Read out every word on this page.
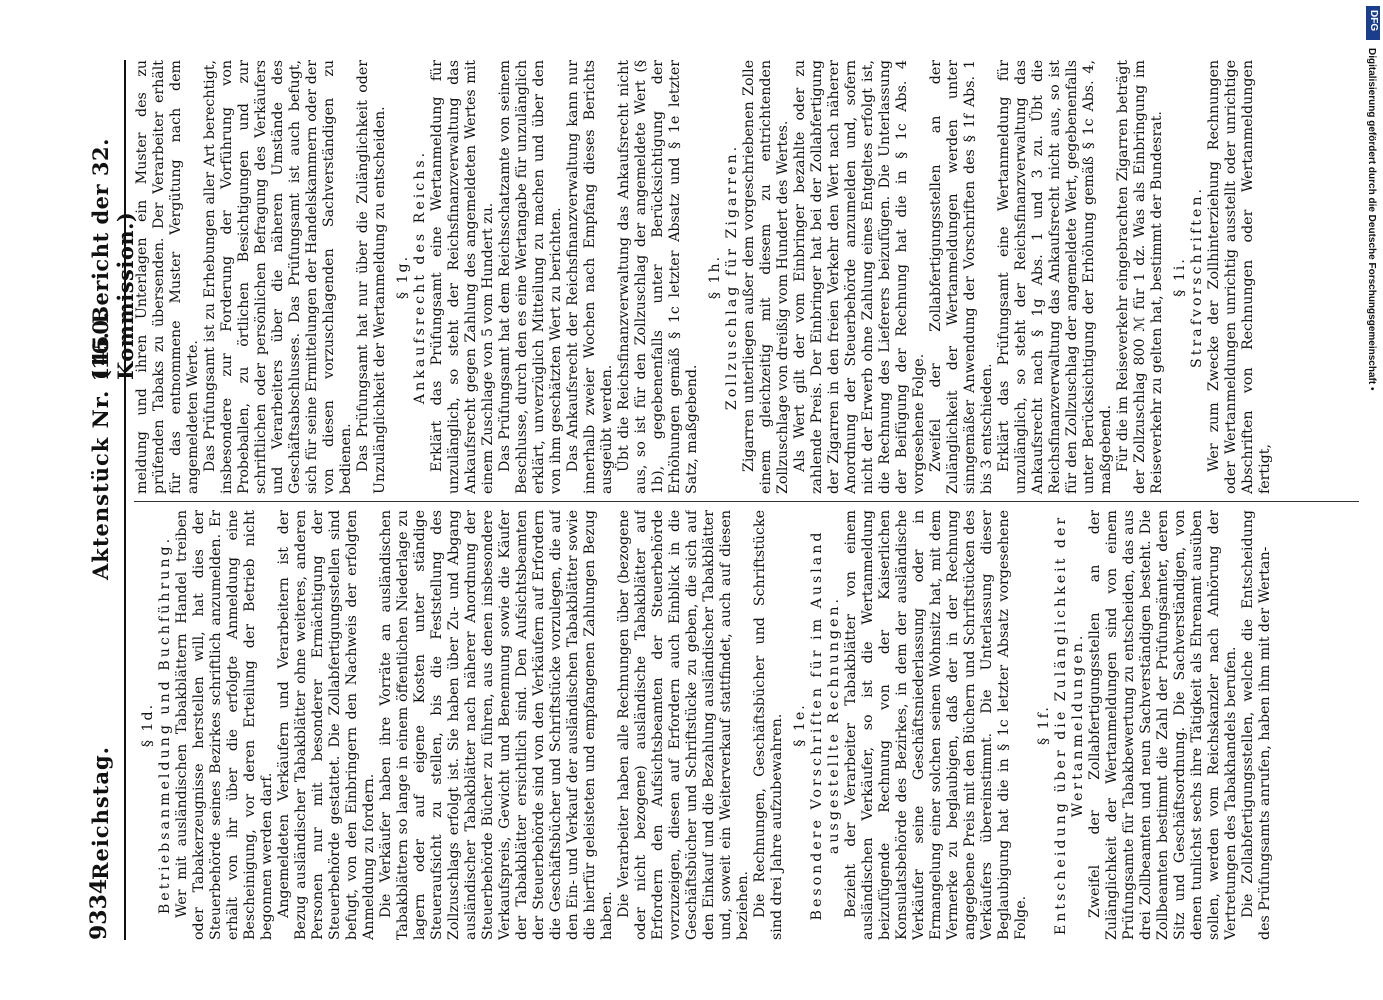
9334
Reichstag.
Aktenstück Nr. 1450.
(16. Bericht der 32. Kommission.)
§ 1d. Betriebsanmeldung und Buchführung. Wer mit ausländischen Tabakblättern Handel treiben oder Tabakerzeugnisse herstellen will, hat dies der Steuerbehörde seines Bezirkes schriftlich anzumelden. Er erhält von ihr über die erfolgte Anmeldung eine Bescheinigung, vor deren Erteilung der Betrieb nicht begonnen werden darf. Angemeldeten Verkäufern und Verarbeitern ist der Bezug ausländischer Tabakblätter ohne weiteres, anderen Personen nur mit besonderer Ermächtigung der Steuerbehörde gestattet. Die Zollabfertigungsstellen sind befugt, von den Einbringern den Nachweis der erfolgten Anmeldung zu fordern. Die Verkäufer haben ihre Vorräte an ausländischen Tabakblättern so lange in einem öffentlichen Niederlage zu lagern oder auf eigene Kosten unter ständige Steueraufsicht zu stellen, bis die Feststellung des Zollzuschlags erfolgt ist. Sie haben über Zu- und Abgang ausländischer Tabakblätter nach näherer Anordnung der Steuerbehörde Bücher zu führen, aus denen insbesondere Verkaufspreis, Gewicht und Benennung sowie die Käufer der Tabakblätter ersichtlich sind. Den Aufsichtsbeamten der Steuerbehörde sind von den Verkäufern auf Erfordern die Geschäftsbücher und Schriftstücke vorzulegen, die auf den Ein- und Verkauf der ausländischen Tabakblätter sowie die hierfür geleisteten und empfangenen Zahlungen Bezug haben. Die Verarbeiter haben alle Rechnungen über (bezogene oder nicht bezogene) ausländische Tabakblätter auf Erfordern den Aufsichtsbeamten der Steuerbehörde vorzuzeigen, diesen auf Erfordern auch Einblick in die Geschäftsbücher und Schriftstücke zu geben, die sich auf den Einkauf und die Bezahlung ausländischer Tabakblätter und, soweit ein Weiterverkauf stattfindet, auch auf diesen beziehen. Die Rechnungen, Geschäftsbücher und Schriftstücke sind drei Jahre aufzubewahren. § 1e. Besondere Vorschriften für im Ausland ausgestellte Rechnungen. Bezieht der Verarbeiter Tabakblätter von einem ausländischen Verkäufer, so ist die Wertanmeldung beizufügende Rechnung von der Kaiserlichen Konsulatsbehörde des Bezirkes, in dem der ausländische Verkäufer seine Geschäftsniederlassung oder in Ermangelung einer solchen seinen Wohnsitz hat, mit dem Vermerke zu beglaubigen, daß der in der Rechnung angegebene Preis mit den Büchern und Schriftstücken des Verkäufers übereinstimmt. Die Unterlassung dieser Beglaubigung hat die in § 1c letzter Absatz vorgesehene Folge.

§ 1f. Entscheidung über die Zulänglichkeit der Wertanmeldungen. Zweifel der Zollabfertigungsstellen an der Zulänglichkeit der Wertanmeldungen sind von einem Prüfungsamte für Tabakbewertung zu entscheiden, das aus drei Zollbeamten und neun Sachverständigen besteht. Die Zollbeamten bestimmt die Zahl der Prüfungsämter, deren Sitz und Geschäftsordnung. Die Sachverständigen, von denen tunlichst sechs ihre Tätigkeit als Ehrenamt ausüben sollen, werden vom Reichskanzler nach Anhörung der Vertretungen des Tabakhandels berufen. Die Zollabfertigungsstellen, welche die Entscheidung des Prüfungsamts anrufen, haben ihm mit der Wertan-

meldung und ihren Unterlagen ein Muster des zu prüfenden Tabaks zu übersenden. Der Verarbeiter erhält für das entnommene Muster Vergütung nach dem angemeldeten Werte. Das Prüfungsamt ist zu Erhebungen aller Art berechtigt, insbesondere zur Forderung der Vorführung von Probeballen, zu örtlichen Besichtigungen und zur schriftlichen oder persönlichen Befragung des Verkäufers und Verarbeiters über die näheren Umstände des Geschäftsabschlusses. Das Prüfungsamt ist auch befugt, sich für seine Ermittelungen der Handelskammern oder der von diesen vorzuschlagenden Sachverständigen zu bedienen. Das Prüfungsamt hat nur über die Zulänglichkeit oder Unzulänglichkeit der Wertanmeldung zu entscheiden. § 1g. Ankaufsrecht des Reichs. Erklärt das Prüfungsamt eine Wertanmeldung für unzulänglich, so steht der Reichsfinanzverwaltung das Ankaufsrecht gegen Zahlung des angemeldeten Wertes mit einem Zuschlage von 5 vom Hundert zu. Das Prüfungsamt hat dem Reichsschatzamte von seinem Beschlusse, durch den es eine Wertangabe für unzulänglich erklärt, unverzüglich Mitteilung zu machen und über den von ihm geschätzten Wert zu berichten. Das Ankaufsrecht der Reichsfinanzverwaltung kann nur innerhalb zweier Wochen nach Empfang dieses Berichts ausgeübt werden. Übt die Reichsfinanzverwaltung das Ankaufsrecht nicht aus, so ist für den Zollzuschlag der angemeldete Wert (§ 1b), gegebenenfalls unter Berücksichtigung der Erhöhungen gemäß § 1c letzter Absatz und § 1e letzter Satz, maßgebend.

§ 1h. Zollzuschlag für Zigarren. Zigarren unterliegen außer dem vorgeschriebenen Zolle einem gleichzeitig mit diesem zu entrichtenden Zollzuschlage von dreißig vom Hundert des Wertes. Als Wert gilt der vom Einbringer bezahlte oder zu zahlende Preis. Der Einbringer hat bei der Zollabfertigung der Zigarren in den freien Verkehr den Wert nach näherer Anordnung der Steuerbehörde anzumelden und, sofern nicht der Erwerb ohne Zahlung eines Entgeltes erfolgt ist, die Rechnung des Lieferers beizufügen. Die Unterlassung der Beifügung der Rechnung hat die in § 1c Abs. 4 vorgesehene Folge. Zweifel der Zollabfertigungsstellen an der Zulänglichkeit der Wertanmeldungen werden unter sinngemäßer Anwendung der Vorschriften des § 1f Abs. 1 bis 3 entschieden. Erklärt das Prüfungsamt eine Wertanmeldung für unzulänglich, so steht der Reichsfinanzverwaltung das Ankaufsrecht nach § 1g Abs. 1 und 3 zu. Übt die Reichsfinanzverwaltung das Ankaufsrecht nicht aus, so ist für den Zollzuschlag der angemeldete Wert, gegebenenfalls unter Berücksichtigung der Erhöhung gemäß § 1c Abs. 4, maßgebend. Für die im Reiseverkehr eingebrachten Zigarren beträgt der Zollzuschlag 800 ℳ für 1 dz. Was als Einbringung im Reiseverkehr zu gelten hat, bestimmt der Bundesrat. § 1i. Strafvorschriften. Wer zum Zwecke der Zollhinterziehung Rechnungen oder Wertanmeldungen unrichtig ausstellt oder unrichtige Abschriften von Rechnungen oder Wertanmeldungen fertigt,

DFG
Digitalisierung gefördert durch die Deutsche Forschungsgemeinschaft •
